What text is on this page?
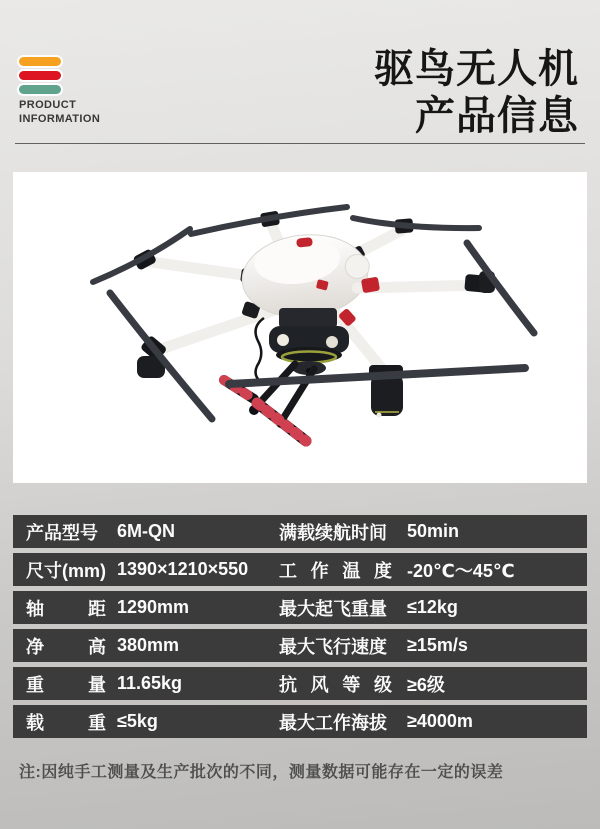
PRODUCT
INFORMATION
驱鸟无人机
产品信息
产品型号	6M-QN	满载续航时间 50min
尺寸(mm) 1390×1210×550	工作温度 -20℃～45℃
轴距 1290mm	最大起飞重量 ≤12kg
净高 380mm	最大飞行速度 ≥15m/s
重量 11.65kg	抗风等级 ≥6级
载重 ≤5kg	最大工作海拔 ≥4000m
注:因纯手工测量及生产批次的不同，测量数据可能存在一定的误差
